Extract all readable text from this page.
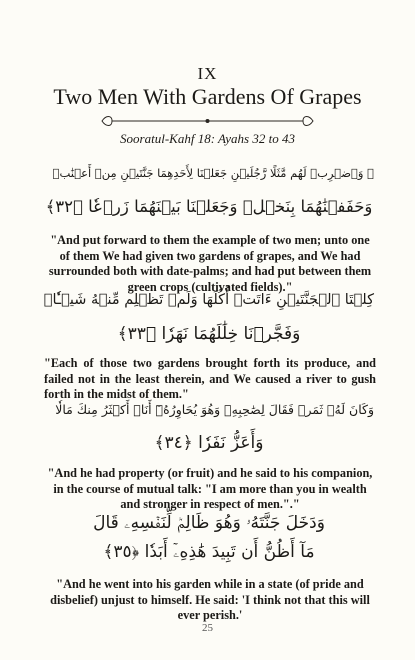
IX
Two Men With Gardens Of Grapes
Sooratul-Kahf 18: Ayahs 32 to 43
۞ وَٱضۡرِبۡ لَهُم مَّثَلًا رَّجُلَيۡنِ جَعَلۡنَا لِأَحَدِهِمَا جَنَّتَيۡنِ مِنۡ أَعۡنَٰبٖ
وَحَفَفۡنَٰهُمَا بِنَخۡلٖ وَجَعَلۡنَا بَيۡنَهُمَا زَرۡعٗا ﴿٣٢﴾
"And put forward to them the example of two men; unto one of them We had given two gardens of grapes, and We had surrounded both with date-palms; and had put between them green crops (cultivated fields)."
كِلۡتَا ٱلۡجَنَّتَيۡنِ ءَاتَتۡ أُكُلَهَا وَلَمۡ تَظۡلِم مِّنۡهُ شَيۡـٔٗاۚ
وَفَجَّرۡنَا خِلَٰلَهُمَا نَهَرٗا ﴿٣٣﴾
"Each of those two gardens brought forth its produce, and failed not in the least therein, and We caused a river to gush forth in the midst of them."
وَكَانَ لَهُۥ ثَمَرٞ فَقَالَ لِصَٰحِبِهِۦ وَهُوَ يُحَاوِرُهُۥٓ أَنَا۠ أَكۡثَرُ مِنكَ مَالٗا
وَأَعَزُّ نَفَرٗا ﴿٣٤﴾
"And he had property (or fruit) and he said to his companion, in the course of mutual talk: "I am more than you in wealth and stronger in respect of men."."
وَدَخَلَ جَنَّتَهُۥ وَهُوَ ظَالِمٞ لِّنَفۡسِهِۦ قَالَ
مَآ أَظُنُّ أَن تَبِيدَ هَٰذِهِۦٓ أَبَدٗا ﴿٣٥﴾
"And he went into his garden while in a state (of pride and disbelief) unjust to himself. He said: 'I think not that this will ever perish.'
25
